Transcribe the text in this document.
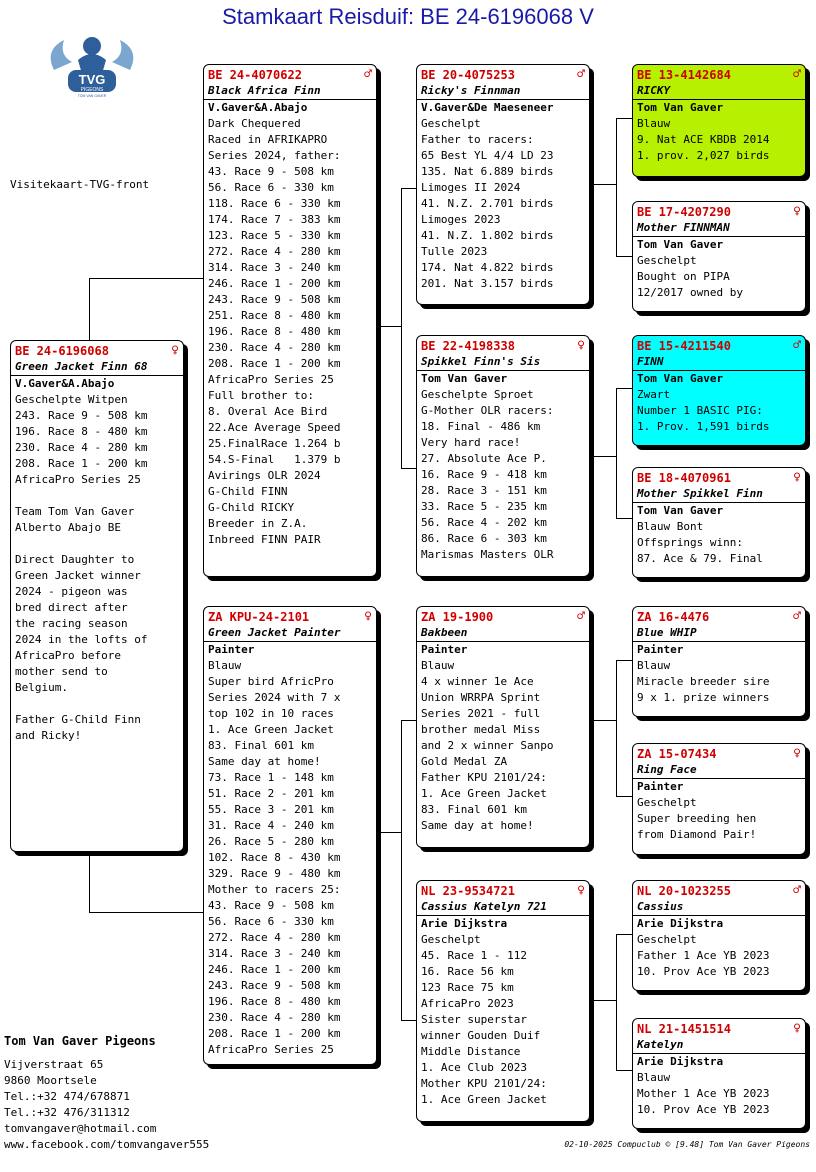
Stamkaart Reisduif: BE 24-6196068 V
TVG
PIGEONS
TOM VAN GAVER
Visitekaart-TVG-front
BE 24-6196068	♀
Green Jacket Finn 68
V.Gaver&A.Abajo
Geschelpte Witpen
243. Race 9 - 508 km
196. Race 8 - 480 km
230. Race 4 - 280 km
208. Race 1 - 200 km
AfricaPro Series 25
Team Tom Van Gaver
Alberto Abajo BE
Direct Daughter to
Green Jacket winner
2024 - pigeon was
bred direct after
the racing season
2024 in the lofts of
AfricaPro before
mother send to
Belgium.
Father G-Child Finn
and Ricky!
BE 24-4070622	♂
Black Africa Finn
V.Gaver&A.Abajo
Dark Chequered
Raced in AFRIKAPRO
Series 2024, father:
43. Race 9 - 508 km
56. Race 6 - 330 km
118. Race 6 - 330 km
174. Race 7 - 383 km
123. Race 5 - 330 km
272. Race 4 - 280 km
314. Race 3 - 240 km
246. Race 1 - 200 km
243. Race 9 - 508 km
251. Race 8 - 480 km
196. Race 8 - 480 km
230. Race 4 - 280 km
208. Race 1 - 200 km
AfricaPro Series 25
Full brother to:
8. Overal Ace Bird
22.Ace Average Speed
25.FinalRace 1.264 b
54.S-Final   1.379 b
Avirings OLR 2024
G-Child FINN
G-Child RICKY
Breeder in Z.A.
Inbreed FINN PAIR
ZA KPU-24-2101	♀
Green Jacket Painter
Painter
Blauw
Super bird AfricPro
Series 2024 with 7 x
top 102 in 10 races
1. Ace Green Jacket
83. Final 601 km
Same day at home!
73. Race 1 - 148 km
51. Race 2 - 201 km
55. Race 3 - 201 km
31. Race 4 - 240 km
26. Race 5 - 280 km
102. Race 8 - 430 km
329. Race 9 - 480 km
Mother to racers 25:
43. Race 9 - 508 km
56. Race 6 - 330 km
272. Race 4 - 280 km
314. Race 3 - 240 km
246. Race 1 - 200 km
243. Race 9 - 508 km
196. Race 8 - 480 km
230. Race 4 - 280 km
208. Race 1 - 200 km
AfricaPro Series 25
BE 20-4075253	♂
Ricky's Finnman
V.Gaver&De Maeseneer
Geschelpt
Father to racers:
65 Best YL 4/4 LD 23
135. Nat 6.889 birds
Limoges II 2024
41. N.Z. 2.701 birds
Limoges 2023
41. N.Z. 1.802 birds
Tulle 2023
174. Nat 4.822 birds
201. Nat 3.157 birds
BE 22-4198338	♀
Spikkel Finn's Sis
Tom Van Gaver
Geschelpte Sproet
G-Mother OLR racers:
18. Final - 486 km
Very hard race!
27. Absolute Ace P.
16. Race 9 - 418 km
28. Race 3 - 151 km
33. Race 5 - 235 km
56. Race 4 - 202 km
86. Race 6 - 303 km
Marismas Masters OLR
ZA 19-1900	♂
Bakbeen
Painter
Blauw
4 x winner 1e Ace
Union WRRPA Sprint
Series 2021 - full
brother medal Miss
and 2 x winner Sanpo
Gold Medal ZA
Father KPU 2101/24:
1. Ace Green Jacket
83. Final 601 km
Same day at home!
NL 23-9534721	♀
Cassius Katelyn 721
Arie Dijkstra
Geschelpt
45. Race 1 - 112
16. Race 56 km
123 Race 75 km
AfricaPro 2023
Sister superstar
winner Gouden Duif
Middle Distance
1. Ace Club 2023
Mother KPU 2101/24:
1. Ace Green Jacket
BE 13-4142684	♂
RICKY
Tom Van Gaver
Blauw
9. Nat ACE KBDB 2014
1. prov. 2,027 birds
BE 17-4207290	♀
Mother FINNMAN
Tom Van Gaver
Geschelpt
Bought on PIPA
12/2017 owned by
BE 15-4211540	♂
FINN
Tom Van Gaver
Zwart
Number 1 BASIC PIG:
1. Prov. 1,591 birds
BE 18-4070961	♀
Mother Spikkel Finn
Tom Van Gaver
Blauw Bont
Offsprings winn:
87. Ace & 79. Final
ZA 16-4476	♂
Blue WHIP
Painter
Blauw
Miracle breeder sire
9 x 1. prize winners
ZA 15-07434	♀
Ring Face
Painter
Geschelpt
Super breeding hen
from Diamond Pair!
NL 20-1023255	♂
Cassius
Arie Dijkstra
Geschelpt
Father 1 Ace YB 2023
10. Prov Ace YB 2023
NL 21-1451514	♀
Katelyn
Arie Dijkstra
Blauw
Mother 1 Ace YB 2023
10. Prov Ace YB 2023
Tom Van Gaver Pigeons
Vijverstraat 65
9860 Moortsele
Tel.:+32 474/678871
Tel.:+32 476/311312
tomvangaver@hotmail.com
www.facebook.com/tomvangaver555	02-10-2025 Compuclub © [9.48] Tom Van Gaver Pigeons
